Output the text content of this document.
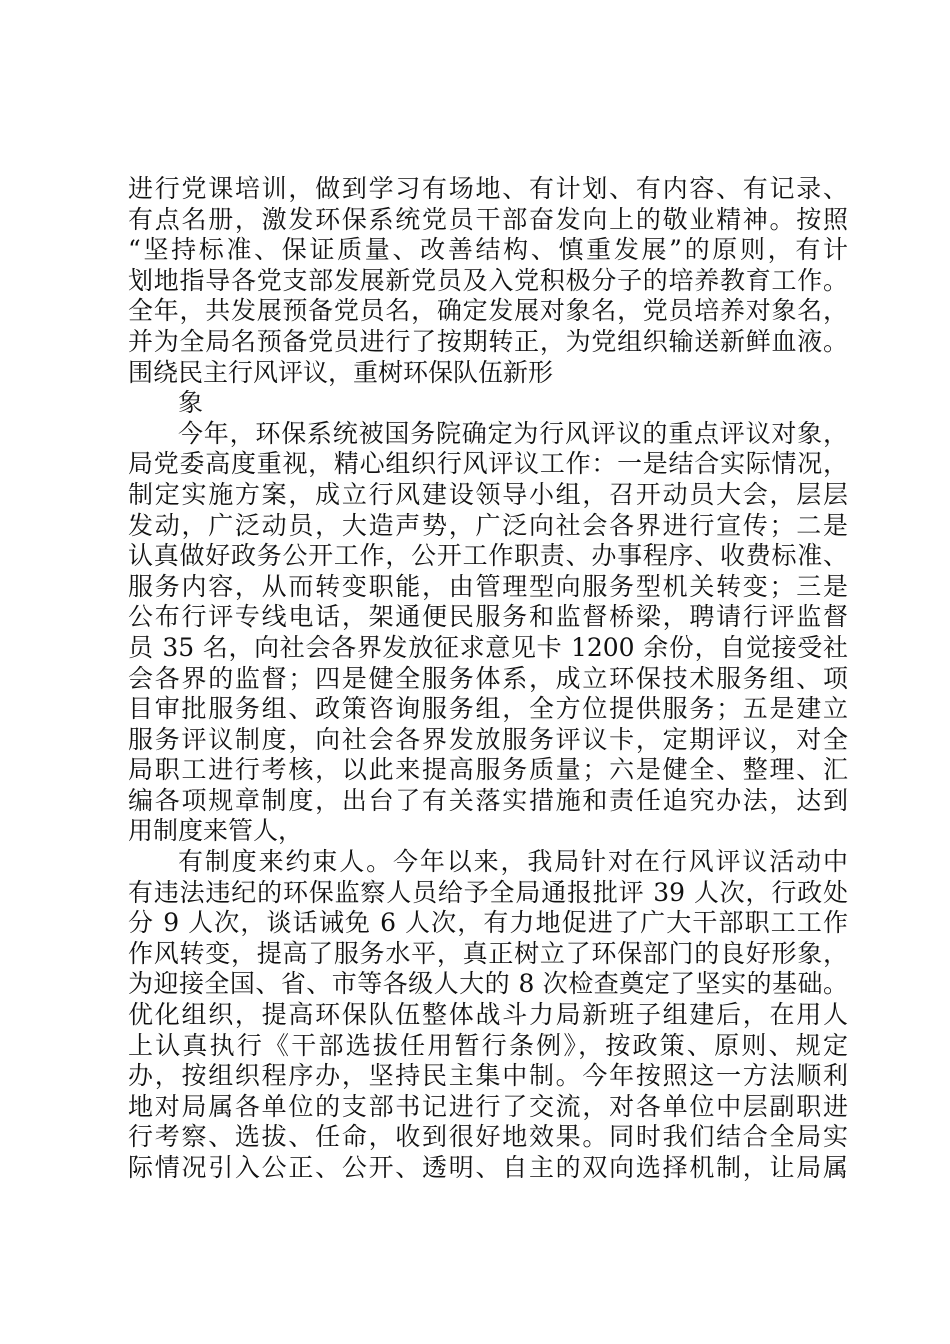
进行党课培训，做到学习有场地、有计划、有内容、有记录、
有点名册，激发环保系统党员干部奋发向上的敬业精神。按照
“坚持标准、保证质量、改善结构、慎重发展”的原则，有计
划地指导各党支部发展新党员及入党积极分子的培养教育工作。
全年，共发展预备党员名，确定发展对象名，党员培养对象名，
并为全局名预备党员进行了按期转正，为党组织输送新鲜血液。
围绕民主行风评议，重树环保队伍新形
象
今年，环保系统被国务院确定为行风评议的重点评议对象，
局党委高度重视，精心组织行风评议工作：一是结合实际情况，
制定实施方案，成立行风建设领导小组，召开动员大会，层层
发动，广泛动员，大造声势，广泛向社会各界进行宣传；二是
认真做好政务公开工作，公开工作职责、办事程序、收费标准、
服务内容，从而转变职能，由管理型向服务型机关转变；三是
公布行评专线电话，架通便民服务和监督桥梁，聘请行评监督
员 35 名，向社会各界发放征求意见卡 1200 余份，自觉接受社
会各界的监督；四是健全服务体系，成立环保技术服务组、项
目审批服务组、政策咨询服务组，全方位提供服务；五是建立
服务评议制度，向社会各界发放服务评议卡，定期评议，对全
局职工进行考核，以此来提高服务质量；六是健全、整理、汇
编各项规章制度，出台了有关落实措施和责任追究办法，达到
用制度来管人，
有制度来约束人。今年以来，我局针对在行风评议活动中
有违法违纪的环保监察人员给予全局通报批评 39 人次，行政处
分 9 人次，谈话诫免 6 人次，有力地促进了广大干部职工工作
作风转变，提高了服务水平，真正树立了环保部门的良好形象，
为迎接全国、省、市等各级人大的 8 次检查奠定了坚实的基础。
优化组织，提高环保队伍整体战斗力局新班子组建后，在用人
上认真执行《干部选拔任用暂行条例》，按政策、原则、规定
办，按组织程序办，坚持民主集中制。今年按照这一方法顺利
地对局属各单位的支部书记进行了交流，对各单位中层副职进
行考察、选拔、任命，收到很好地效果。同时我们结合全局实
际情况引入公正、公开、透明、自主的双向选择机制，让局属
